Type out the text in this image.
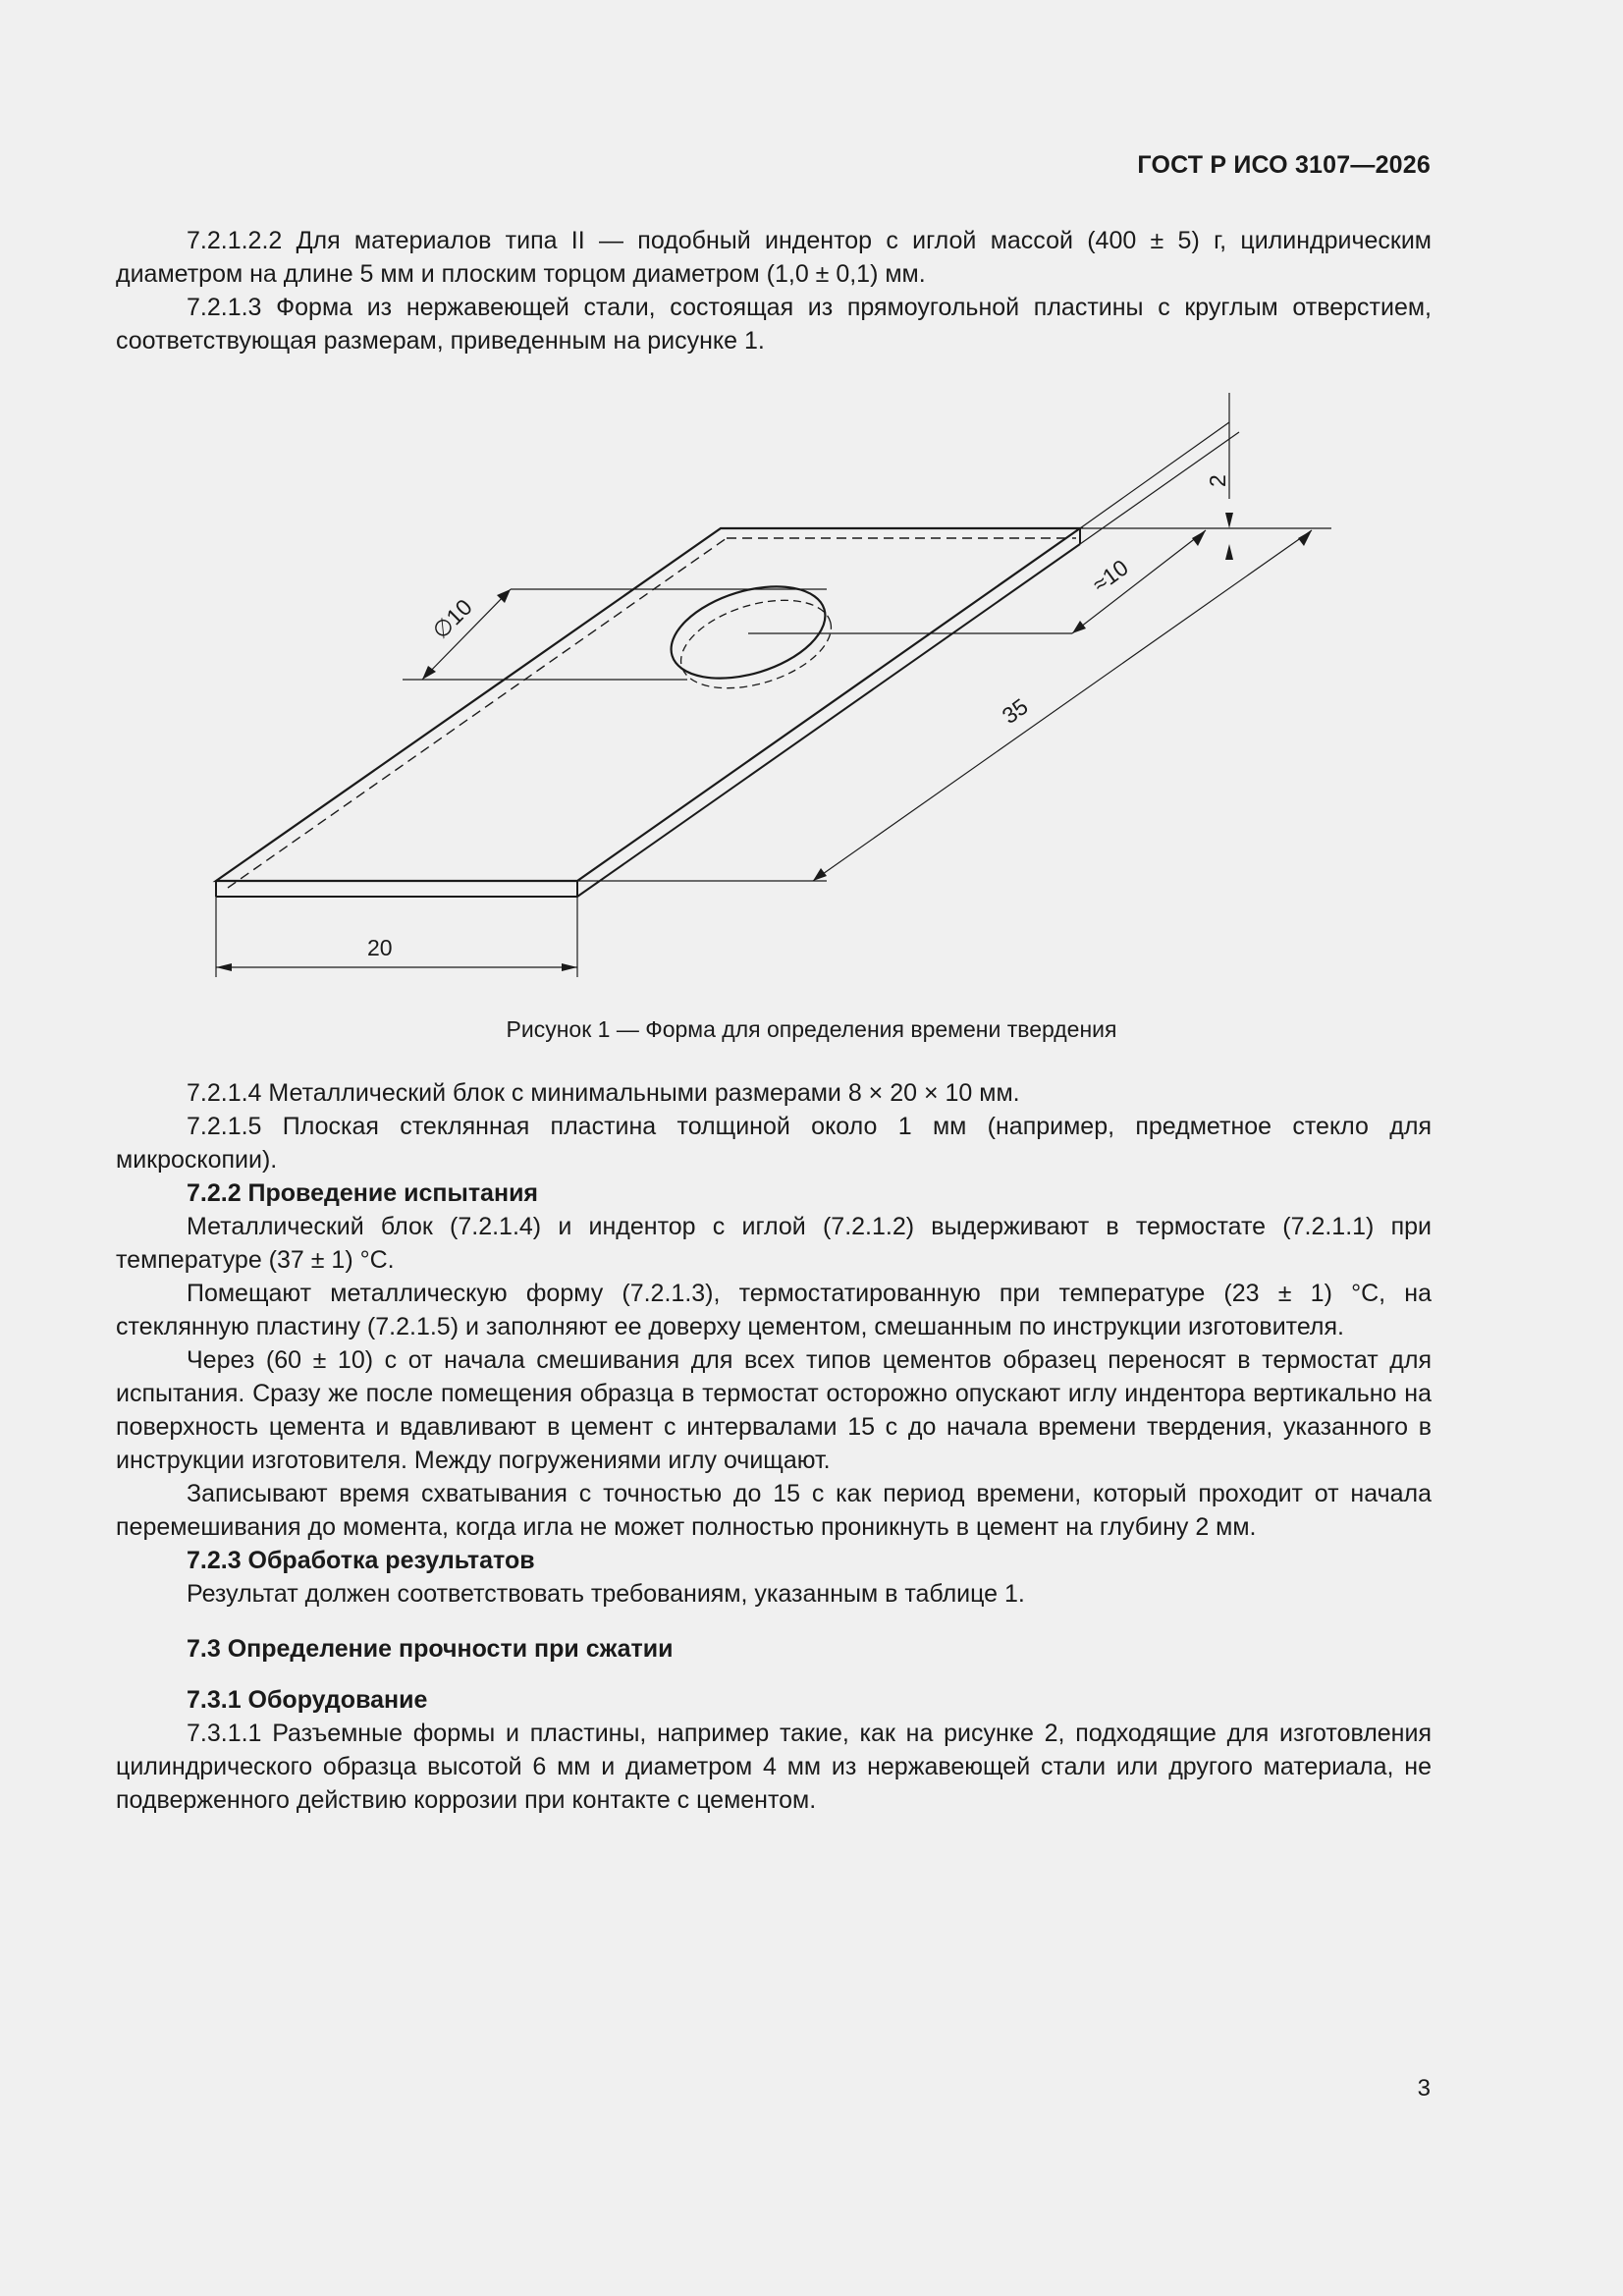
ГОСТ Р ИСО 3107—2026

7.2.1.2.2 Для материалов типа II — подобный индентор с иглой массой (400 ± 5) г, цилиндрическим диаметром на длине 5 мм и плоским торцом диаметром (1,0 ± 0,1) мм.

7.2.1.3 Форма из нержавеющей стали, состоящая из прямоугольной пластины с круглым отверстием, соответствующая размерам, приведенным на рисунке 1.

2
≈10
∅10
35
20
Рисунок 1 — Форма для определения времени твердения

7.2.1.4 Металлический блок с минимальными размерами 8 × 20 × 10 мм.

7.2.1.5 Плоская стеклянная пластина толщиной около 1 мм (например, предметное стекло для микроскопии).

7.2.2 Проведение испытания

Металлический блок (7.2.1.4) и индентор с иглой (7.2.1.2) выдерживают в термостате (7.2.1.1) при температуре (37 ± 1) °С.

Помещают металлическую форму (7.2.1.3), термостатированную при температуре (23 ± 1) °С, на стеклянную пластину (7.2.1.5) и заполняют ее доверху цементом, смешанным по инструкции изготовителя.

Через (60 ± 10) с от начала смешивания для всех типов цементов образец переносят в термостат для испытания. Сразу же после помещения образца в термостат осторожно опускают иглу индентора вертикально на поверхность цемента и вдавливают в цемент с интервалами 15 с до начала времени твердения, указанного в инструкции изготовителя. Между погружениями иглу очищают.

Записывают время схватывания с точностью до 15 с как период времени, который проходит от начала перемешивания до момента, когда игла не может полностью проникнуть в цемент на глубину 2 мм.

7.2.3 Обработка результатов

Результат должен соответствовать требованиям, указанным в таблице 1.

7.3 Определение прочности при сжатии

7.3.1 Оборудование

7.3.1.1 Разъемные формы и пластины, например такие, как на рисунке 2, подходящие для изготовления цилиндрического образца высотой 6 мм и диаметром 4 мм из нержавеющей стали или другого материала, не подверженного действию коррозии при контакте с цементом.

3
